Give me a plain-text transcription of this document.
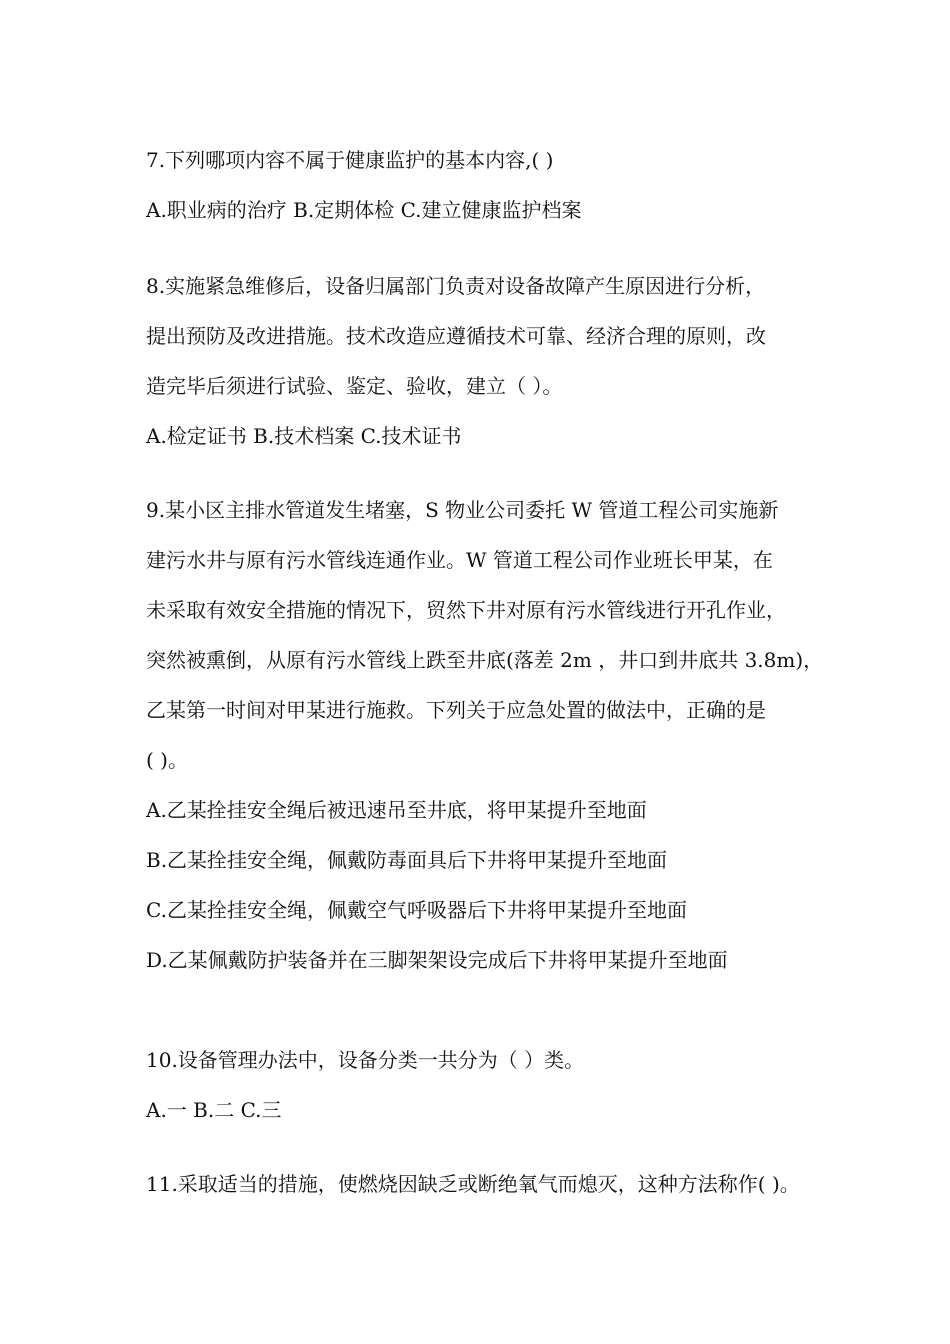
7.下列哪项内容不属于健康监护的基本内容,( )
A.职业病的治疗 B.定期体检 C.建立健康监护档案
8.实施紧急维修后，设备归属部门负责对设备故障产生原因进行分析，
提出预防及改进措施。技术改造应遵循技术可靠、经济合理的原则，改
造完毕后须进行试验、鉴定、验收，建立（ ）。
A.检定证书 B.技术档案 C.技术证书
9.某小区主排水管道发生堵塞，S 物业公司委托 W 管道工程公司实施新
建污水井与原有污水管线连通作业。W 管道工程公司作业班长甲某，在
未采取有效安全措施的情况下，贸然下井对原有污水管线进行开孔作业，
突然被熏倒，从原有污水管线上跌至井底(落差 2m ，井口到井底共 3.8m)，
乙某第一时间对甲某进行施救。下列关于应急处置的做法中，正确的是
( )。
A.乙某拴挂安全绳后被迅速吊至井底，将甲某提升至地面
B.乙某拴挂安全绳，佩戴防毒面具后下井将甲某提升至地面
C.乙某拴挂安全绳，佩戴空气呼吸器后下井将甲某提升至地面
D.乙某佩戴防护装备并在三脚架架设完成后下井将甲某提升至地面
10.设备管理办法中，设备分类一共分为（ ）类。
A.一 B.二 C.三
11.采取适当的措施，使燃烧因缺乏或断绝氧气而熄灭，这种方法称作( )。
